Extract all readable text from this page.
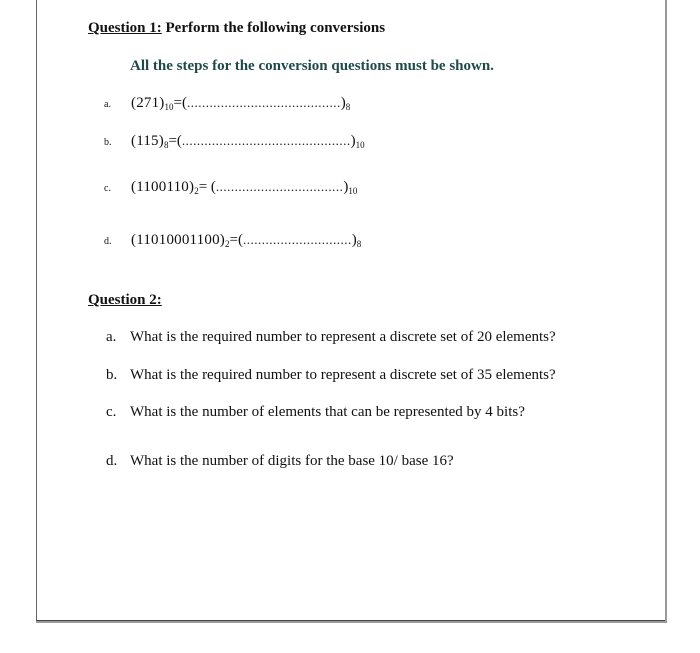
Question 1: Perform the following conversions
All the steps for the conversion questions must be shown.
a. $(271)_{10}=(.........................................)_8$
b. $(115)_8=(.............................................)_{10}$
c. $(1100110)_2= (..................................)_{10}$
d. $(11010001100)_2=(.............................)_8$
Question 2:
a. What is the required number to represent a discrete set of 20 elements?
b. What is the required number to represent a discrete set of 35 elements?
c. What is the number of elements that can be represented by 4 bits?
d. What is the number of digits for the base 10/ base 16?
